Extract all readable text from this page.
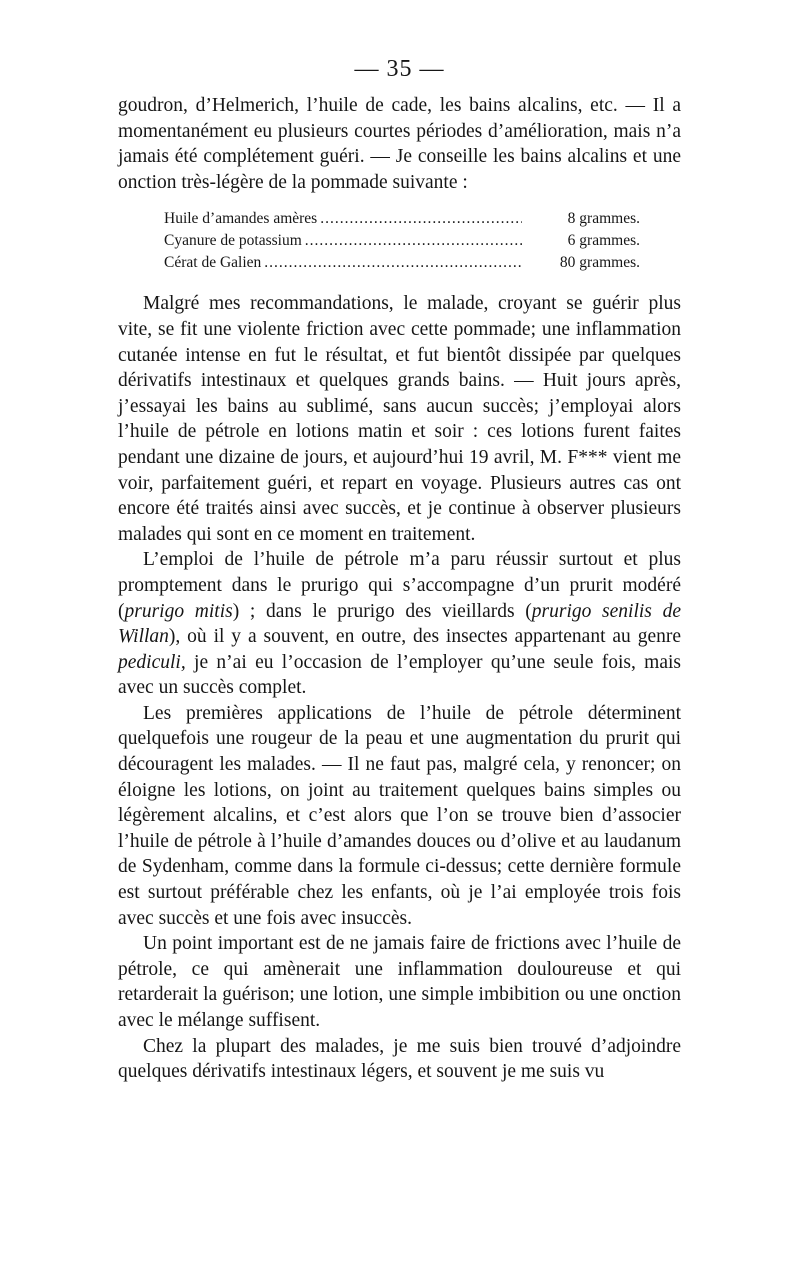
— 35 —

goudron, d’Helmerich, l’huile de cade, les bains alcalins, etc. — Il a momentanément eu plusieurs courtes périodes d’amélioration, mais n’a jamais été complétement guéri. — Je conseille les bains alcalins et une onction très-légère de la pommade suivante :

Huile d’amandes amères .....	8 grammes.
Cyanure de potassium .....	6 grammes.
Cérat de Galien .....	80 grammes.

Malgré mes recommandations, le malade, croyant se guérir plus vite, se fit une violente friction avec cette pommade; une inflammation cutanée intense en fut le résultat, et fut bientôt dissipée par quelques dérivatifs intestinaux et quelques grands bains. — Huit jours après, j’essayai les bains au sublimé, sans aucun succès; j’employai alors l’huile de pétrole en lotions matin et soir : ces lotions furent faites pendant une dizaine de jours, et aujourd’hui 19 avril, M. F*** vient me voir, parfaitement guéri, et repart en voyage. Plusieurs autres cas ont encore été traités ainsi avec succès, et je continue à observer plusieurs malades qui sont en ce moment en traitement.

L’emploi de l’huile de pétrole m’a paru réussir surtout et plus promptement dans le prurigo qui s’accompagne d’un prurit modéré (prurigo mitis) ; dans le prurigo des vieillards (prurigo senilis de Willan), où il y a souvent, en outre, des insectes appartenant au genre pediculi, je n’ai eu l’occasion de l’employer qu’une seule fois, mais avec un succès complet.

Les premières applications de l’huile de pétrole déterminent quelquefois une rougeur de la peau et une augmentation du prurit qui découragent les malades. — Il ne faut pas, malgré cela, y renoncer; on éloigne les lotions, on joint au traitement quelques bains simples ou légèrement alcalins, et c’est alors que l’on se trouve bien d’associer l’huile de pétrole à l’huile d’amandes douces ou d’olive et au laudanum de Sydenham, comme dans la formule ci-dessus; cette dernière formule est surtout préférable chez les enfants, où je l’ai employée trois fois avec succès et une fois avec insuccès.

Un point important est de ne jamais faire de frictions avec l’huile de pétrole, ce qui amènerait une inflammation douloureuse et qui retarderait la guérison; une lotion, une simple imbibition ou une onction avec le mélange suffisent.

Chez la plupart des malades, je me suis bien trouvé d’adjoindre quelques dérivatifs intestinaux légers, et souvent je me suis vu
